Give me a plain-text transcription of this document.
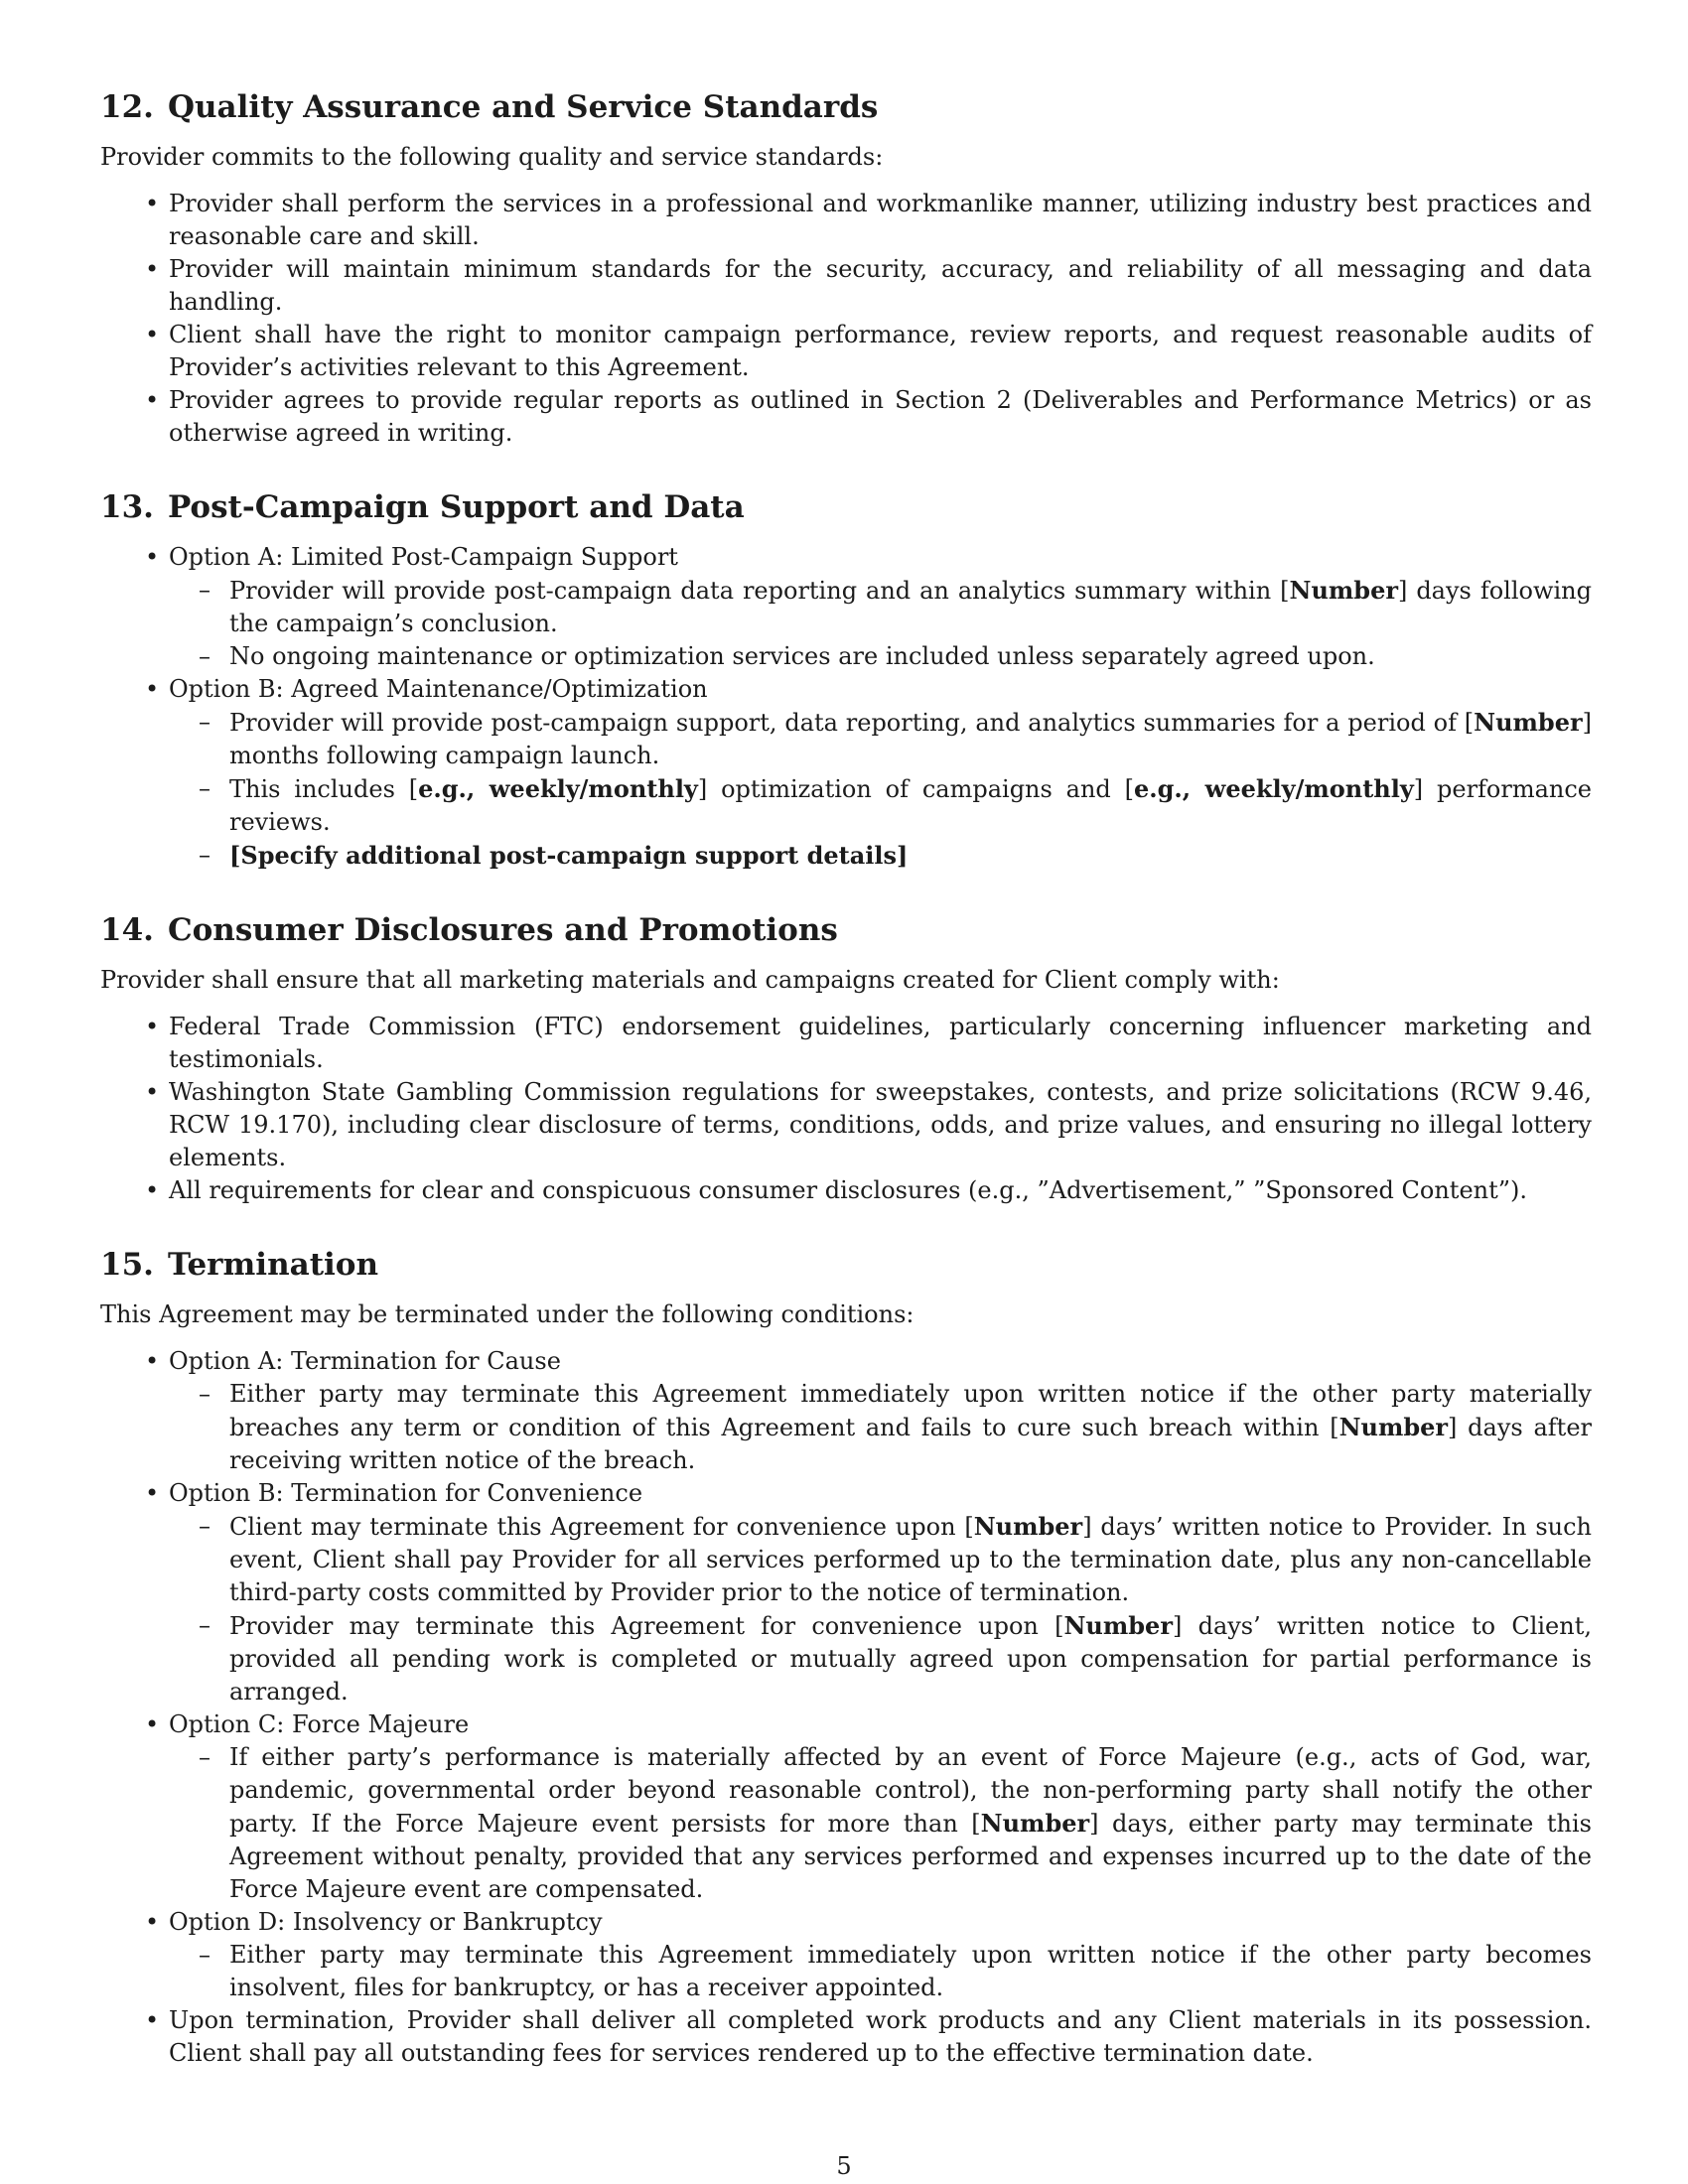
12. Quality Assurance and Service Standards

Provider commits to the following quality and service standards:

• Provider shall perform the services in a professional and workmanlike manner, utilizing industry best practices and reasonable care and skill.
• Provider will maintain minimum standards for the security, accuracy, and reliability of all messaging and data handling.
• Client shall have the right to monitor campaign performance, review reports, and request reasonable audits of Provider’s activities relevant to this Agreement.
• Provider agrees to provide regular reports as outlined in Section 2 (Deliverables and Performance Metrics) or as otherwise agreed in writing.
13. Post-Campaign Support and Data
• Option A: Limited Post-Campaign Support
– Provider will provide post-campaign data reporting and an analytics summary within [Number] days following the campaign’s conclusion.
– No ongoing maintenance or optimization services are included unless separately agreed upon.
• Option B: Agreed Maintenance/Optimization
– Provider will provide post-campaign support, data reporting, and analytics summaries for a period of [Number] months following campaign launch.
– This includes [e.g., weekly/monthly] optimization of campaigns and [e.g., weekly/monthly] performance reviews.
– [Specify additional post-campaign support details]
14. Consumer Disclosures and Promotions

Provider shall ensure that all marketing materials and campaigns created for Client comply with:

• Federal Trade Commission (FTC) endorsement guidelines, particularly concerning influencer marketing and testimonials.
• Washington State Gambling Commission regulations for sweepstakes, contests, and prize solicitations (RCW 9.46, RCW 19.170), including clear disclosure of terms, conditions, odds, and prize values, and ensuring no illegal lottery elements.
• All requirements for clear and conspicuous consumer disclosures (e.g., ”Advertisement,” ”Sponsored Content”).
15. Termination

This Agreement may be terminated under the following conditions:

• Option A: Termination for Cause
– Either party may terminate this Agreement immediately upon written notice if the other party materially breaches any term or condition of this Agreement and fails to cure such breach within [Number] days after receiving written notice of the breach.
• Option B: Termination for Convenience
– Client may terminate this Agreement for convenience upon [Number] days’ written notice to Provider. In such event, Client shall pay Provider for all services performed up to the termination date, plus any non-cancellable third-party costs committed by Provider prior to the notice of termination.
– Provider may terminate this Agreement for convenience upon [Number] days’ written notice to Client, provided all pending work is completed or mutually agreed upon compensation for partial performance is arranged.
• Option C: Force Majeure
– If either party’s performance is materially affected by an event of Force Majeure (e.g., acts of God, war, pandemic, governmental order beyond reasonable control), the non-performing party shall notify the other party. If the Force Majeure event persists for more than [Number] days, either party may terminate this Agreement without penalty, provided that any services performed and expenses incurred up to the date of the Force Majeure event are compensated.
• Option D: Insolvency or Bankruptcy
– Either party may terminate this Agreement immediately upon written notice if the other party becomes insolvent, files for bankruptcy, or has a receiver appointed.
• Upon termination, Provider shall deliver all completed work products and any Client materials in its possession. Client shall pay all outstanding fees for services rendered up to the effective termination date.
5
